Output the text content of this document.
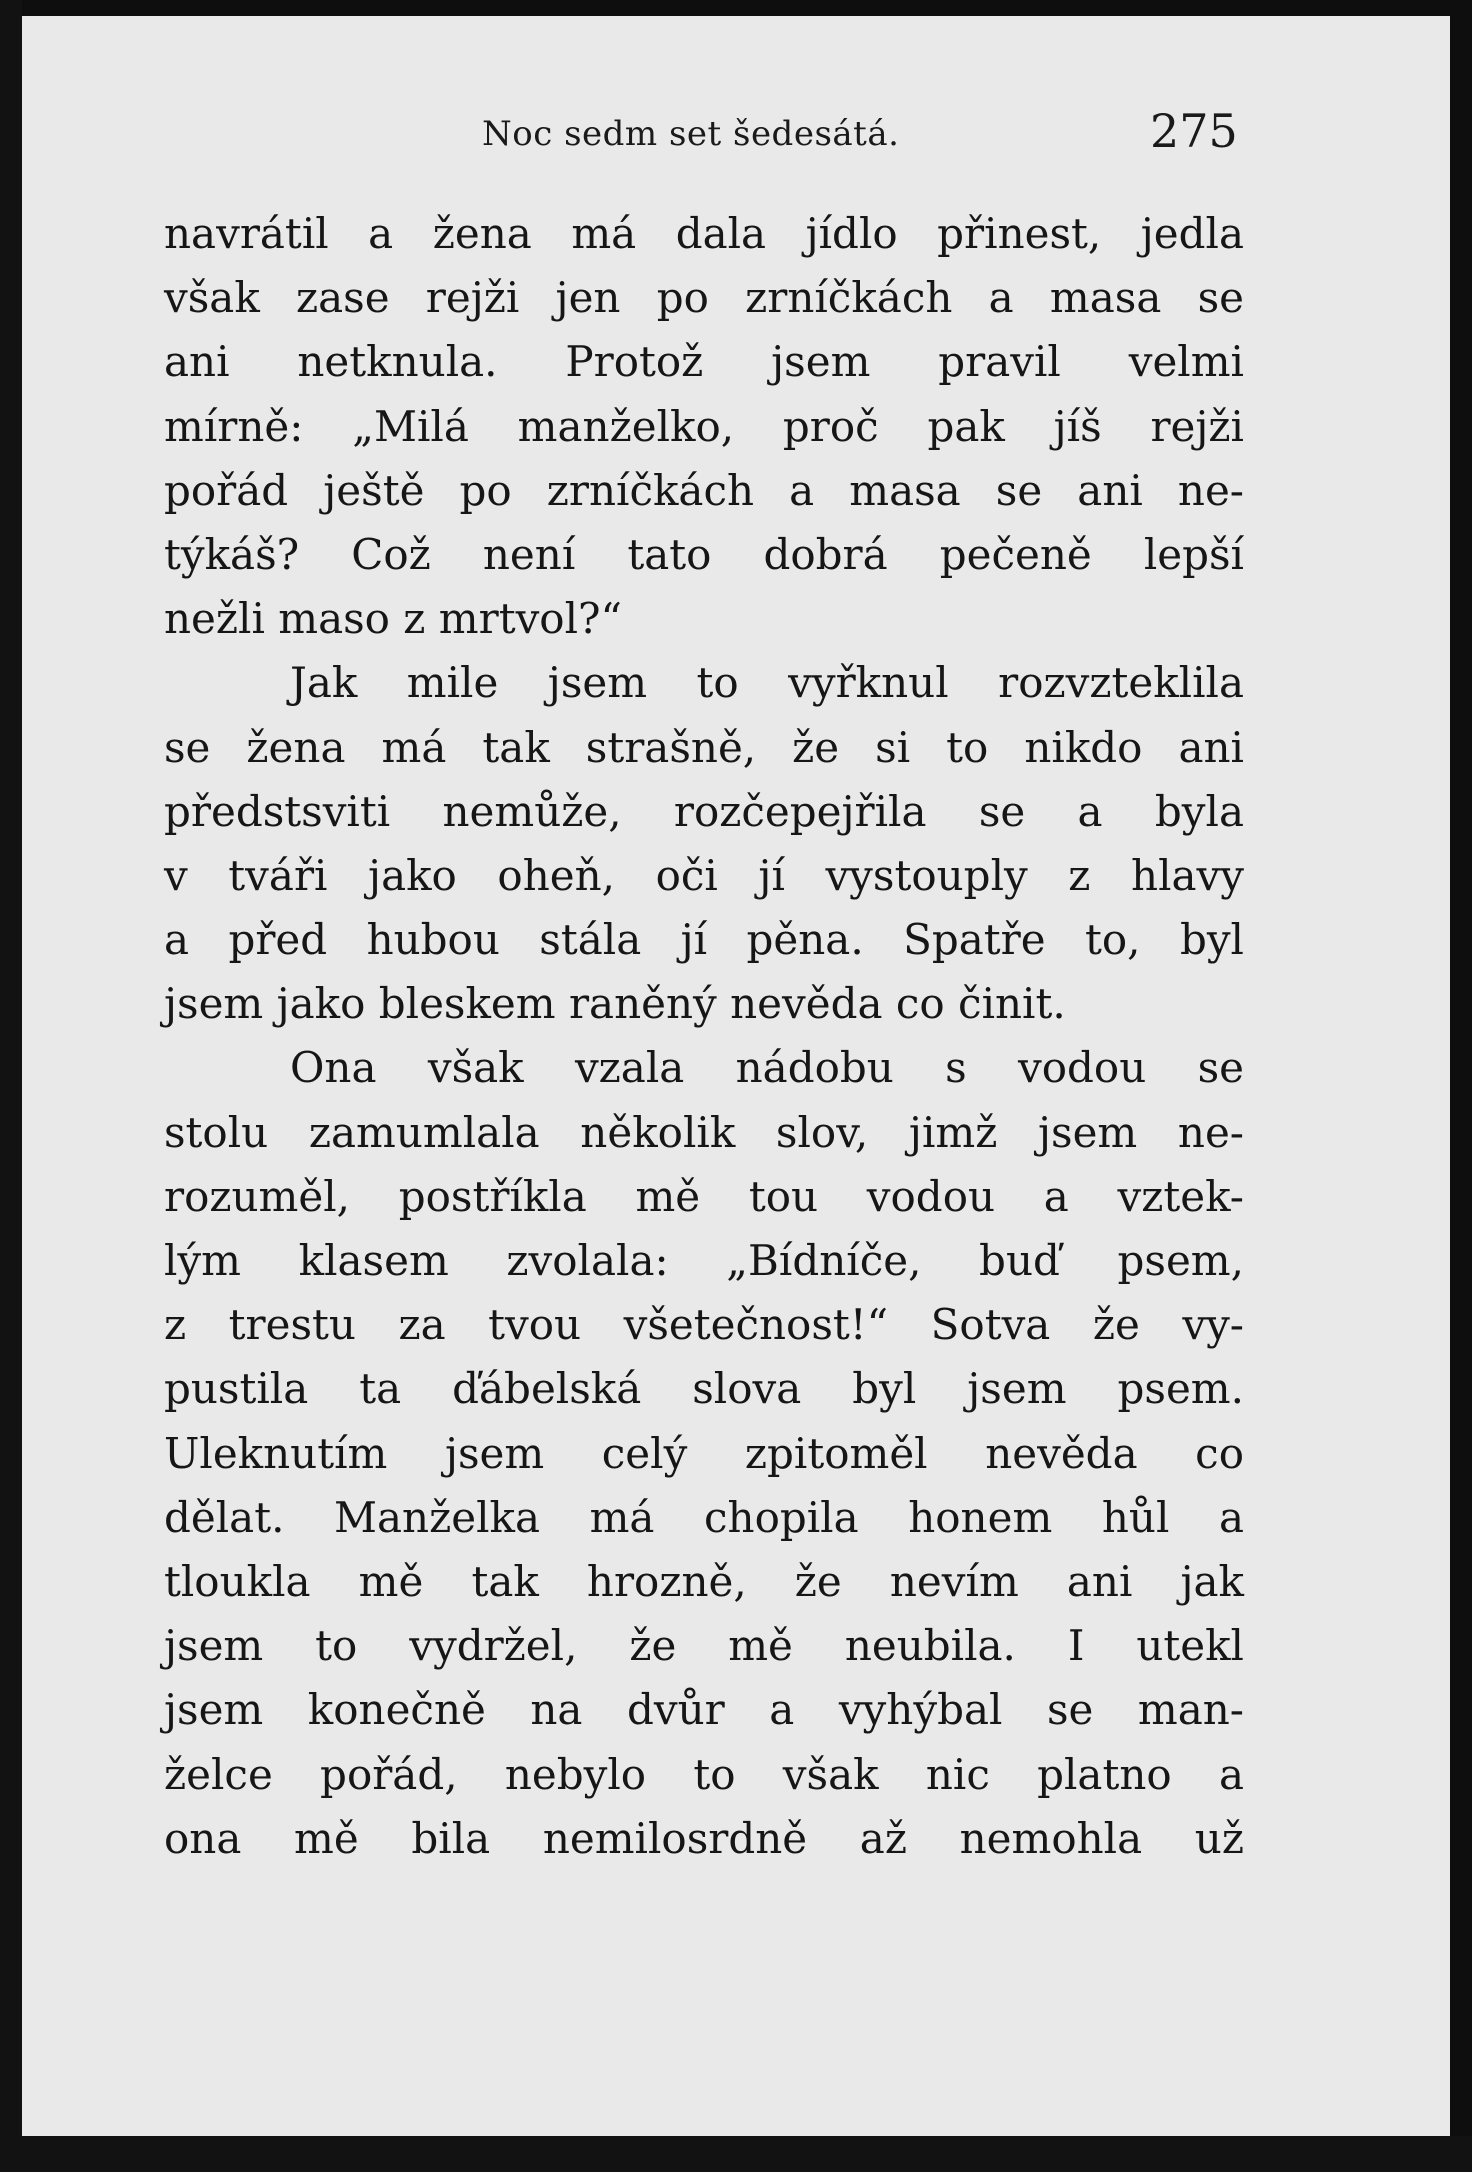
Noc sedm set šedesátá.	275
navrátil a žena má dala jídlo přinest, jedla
však zase rejži jen po zrníčkách a masa se
ani netknula. Protož jsem pravil velmi
mírně: „Milá manželko, proč pak jíš rejži
pořád ještě po zrníčkách a masa se ani ne-
týkáš? Což není tato dobrá pečeně lepší
nežli maso z mrtvol?“
Jak mile jsem to vyřknul rozvzteklila
se žena má tak strašně, že si to nikdo ani
předstsviti nemůže, rozčepejřila se a byla
v tváři jako oheň, oči jí vystouply z hlavy
a před hubou stála jí pěna. Spatře to, byl
jsem jako bleskem raněný nevěda co činit.
Ona však vzala nádobu s vodou se
stolu zamumlala několik slov, jimž jsem ne-
rozuměl, postříkla mě tou vodou a vztek-
lým klasem zvolala: „Bídníče, buď psem,
z trestu za tvou všetečnost!“ Sotva že vy-
pustila ta ďábelská slova byl jsem psem.
Uleknutím jsem celý zpitoměl nevěda co
dělat. Manželka má chopila honem hůl a
tloukla mě tak hrozně, že nevím ani jak
jsem to vydržel, že mě neubila. I utekl
jsem konečně na dvůr a vyhýbal se man-
želce pořád, nebylo to však nic platno a
ona mě bila nemilosrdně až nemohla už
